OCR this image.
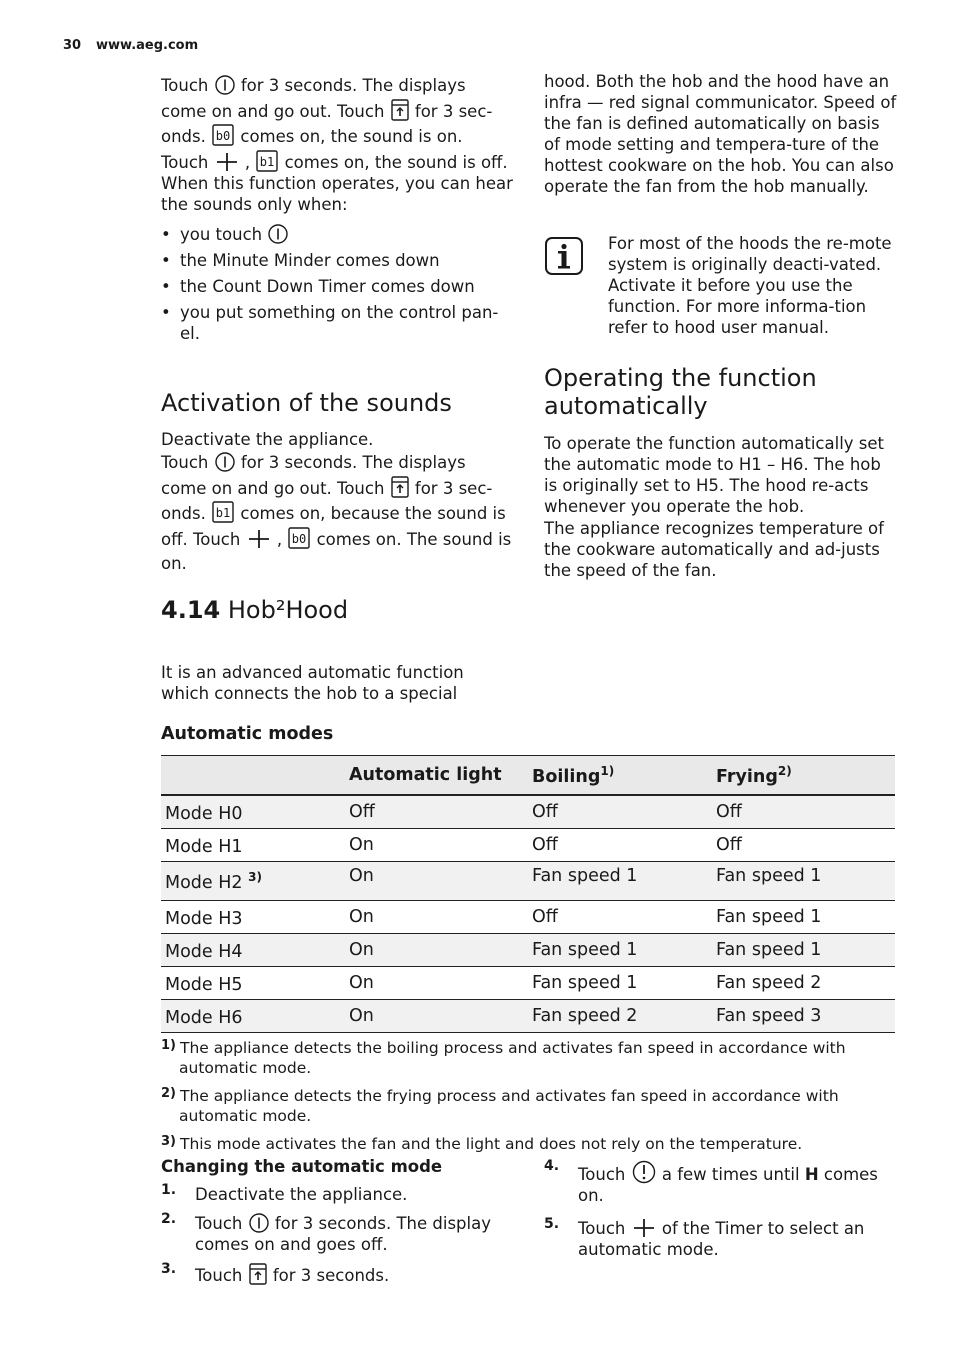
30 www.aeg.com

Touch for 3 seconds. The displays come on and go out. Touch for 3 sec-onds. b0 comes on, the sound is on.

Touch , b1 comes on, the sound is off.

When this function operates, you can hear the sounds only when:

• you touch
• the Minute Minder comes down
• the Count Down Timer comes down
• you put something on the control pan-el.
Activation of the sounds

Deactivate the appliance.

Touch for 3 seconds. The displays come on and go out. Touch for 3 sec-onds. b1 comes on, because the sound is off. Touch , b0 comes on. The sound is on.

4.14 Hob²Hood

It is an advanced automatic function which connects the hob to a special

hood. Both the hob and the hood have an infra — red signal communicator. Speed of the fan is defined automatically on basis of mode setting and tempera-ture of the hottest cookware on the hob. You can also operate the fan from the hob manually.

For most of the hoods the re-mote system is originally deacti-vated. Activate it before you use the function. For more informa-tion refer to hood user manual.

Operating the function automatically

To operate the function automatically set the automatic mode to H1 – H6. The hob is originally set to H5. The hood re-acts whenever you operate the hob.

The appliance recognizes temperature of the cookware automatically and ad-justs the speed of the fan.

Automatic modes
	Automatic light	Boiling$^{1)}$	Frying$^{2)}$
Mode H0	Off	Off	Off
Mode H1	On	Off	Off
Mode H2 $^{3)}$	On	Fan speed 1	Fan speed 1
Mode H3	On	Off	Fan speed 1
Mode H4	On	Fan speed 1	Fan speed 1
Mode H5	On	Fan speed 1	Fan speed 2
Mode H6	On	Fan speed 2	Fan speed 3
$^{1)}$ The appliance detects the boiling process and activates fan speed in accordance with automatic mode.
$^{2)}$ The appliance detects the frying process and activates fan speed in accordance with automatic mode.
$^{3)}$ This mode activates the fan and the light and does not rely on the temperature.
Changing the automatic mode
1. Deactivate the appliance.
2. Touch for 3 seconds. The display comes on and goes off.
3. Touch for 3 seconds.
4. Touch a few times until H comes on.
5. Touch of the Timer to select an automatic mode.
